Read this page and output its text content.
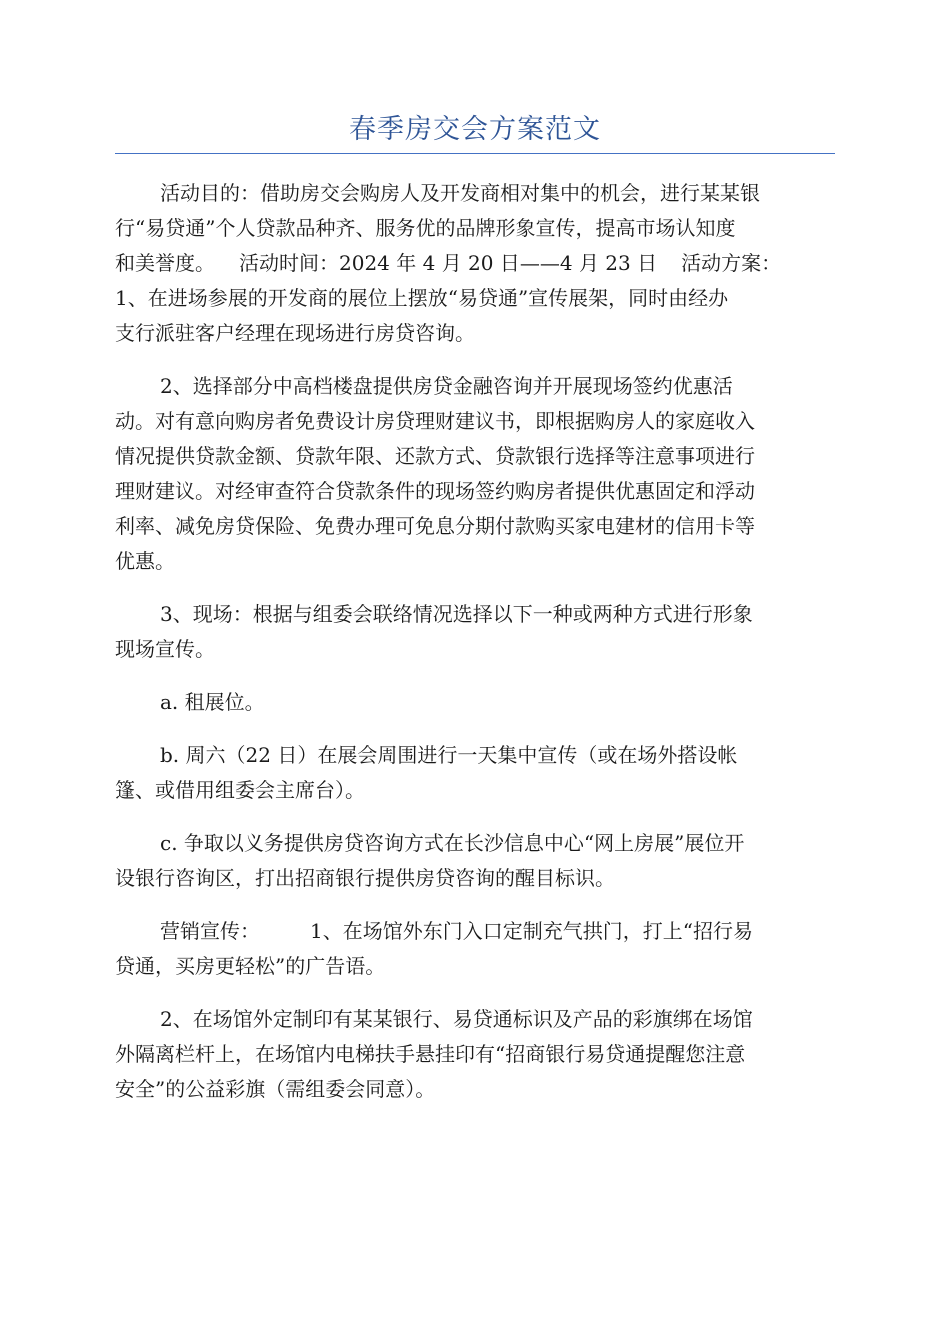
春季房交会方案范文
活动目的：借助房交会购房人及开发商相对集中的机会，进行某某银
行“易贷通”个人贷款品种齐、服务优的品牌形象宣传，提高市场认知度
和美誉度。 活动时间：2024 年 4 月 20 日——4 月 23 日 活动方案：
1、在进场参展的开发商的展位上摆放“易贷通”宣传展架，同时由经办
支行派驻客户经理在现场进行房贷咨询。
2、选择部分中高档楼盘提供房贷金融咨询并开展现场签约优惠活
动。对有意向购房者免费设计房贷理财建议书，即根据购房人的家庭收入
情况提供贷款金额、贷款年限、还款方式、贷款银行选择等注意事项进行
理财建议。对经审查符合贷款条件的现场签约购房者提供优惠固定和浮动
利率、减免房贷保险、免费办理可免息分期付款购买家电建材的信用卡等
优惠。
3、现场：根据与组委会联络情况选择以下一种或两种方式进行形象
现场宣传。
a. 租展位。
b. 周六（22 日）在展会周围进行一天集中宣传（或在场外搭设帐
篷、或借用组委会主席台）。
c. 争取以义务提供房贷咨询方式在长沙信息中心“网上房展”展位开
设银行咨询区，打出招商银行提供房贷咨询的醒目标识。
营销宣传：	1、在场馆外东门入口定制充气拱门，打上“招行易
贷通，买房更轻松”的广告语。
2、在场馆外定制印有某某银行、易贷通标识及产品的彩旗绑在场馆
外隔离栏杆上，在场馆内电梯扶手悬挂印有“招商银行易贷通提醒您注意
安全”的公益彩旗（需组委会同意）。
